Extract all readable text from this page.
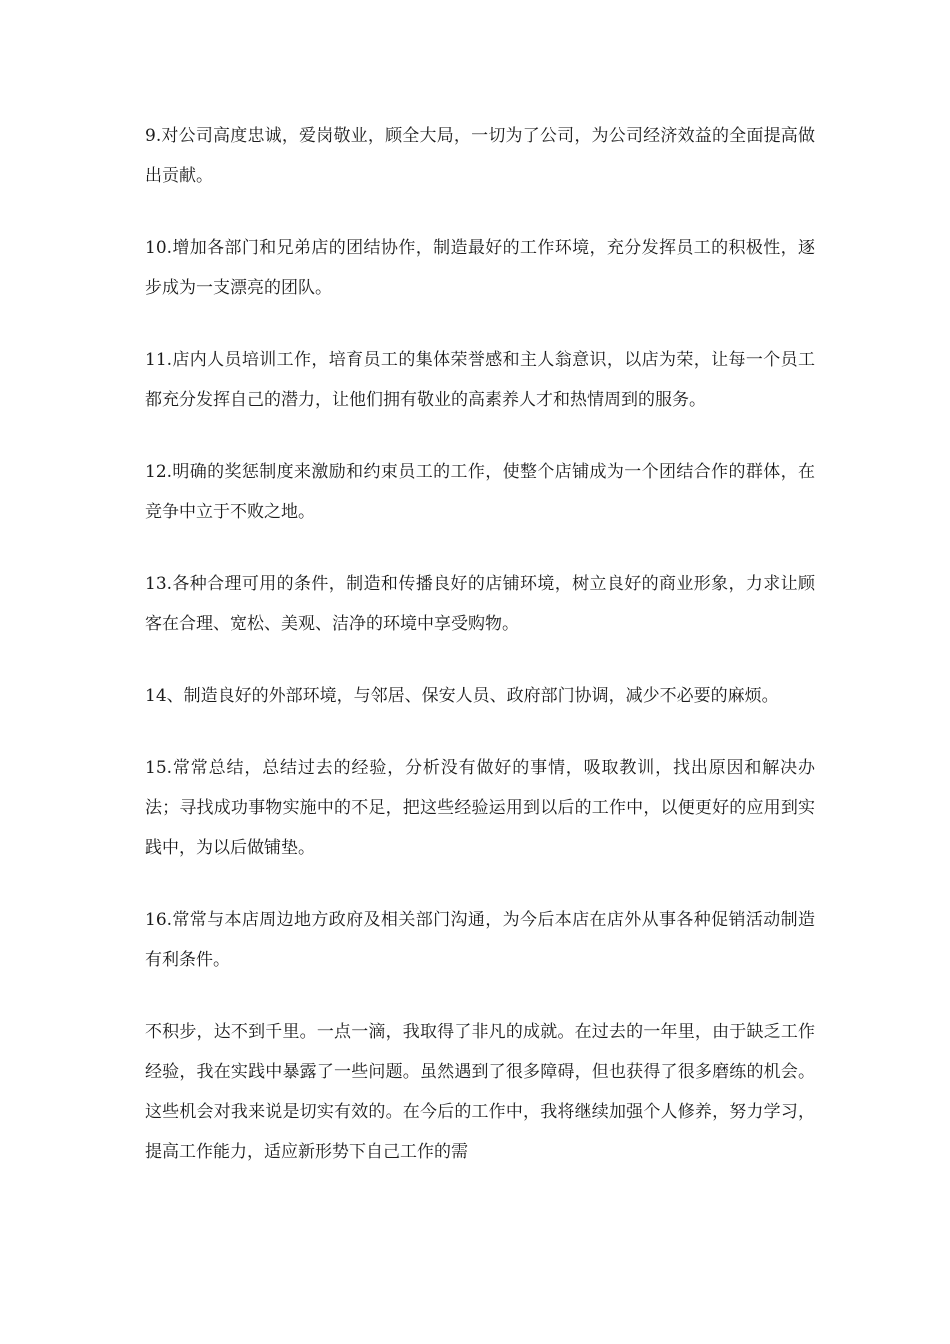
9.对公司高度忠诚，爱岗敬业，顾全大局，一切为了公司，为公司经济效益的全面提高做出贡献。

10.增加各部门和兄弟店的团结协作，制造最好的工作环境，充分发挥员工的积极性，逐步成为一支漂亮的团队。

11.店内人员培训工作，培育员工的集体荣誉感和主人翁意识，以店为荣，让每一个员工都充分发挥自己的潜力，让他们拥有敬业的高素养人才和热情周到的服务。

12.明确的奖惩制度来激励和约束员工的工作，使整个店铺成为一个团结合作的群体，在竞争中立于不败之地。

13.各种合理可用的条件，制造和传播良好的店铺环境，树立良好的商业形象，力求让顾客在合理、宽松、美观、洁净的环境中享受购物。

14、制造良好的外部环境，与邻居、保安人员、政府部门协调，减少不必要的麻烦。

15.常常总结，总结过去的经验，分析没有做好的事情，吸取教训，找出原因和解决办法；寻找成功事物实施中的不足，把这些经验运用到以后的工作中，以便更好的应用到实践中，为以后做铺垫。

16.常常与本店周边地方政府及相关部门沟通，为今后本店在店外从事各种促销活动制造有利条件。

不积步，达不到千里。一点一滴，我取得了非凡的成就。在过去的一年里，由于缺乏工作经验，我在实践中暴露了一些问题。虽然遇到了很多障碍，但也获得了很多磨练的机会。这些机会对我来说是切实有效的。在今后的工作中，我将继续加强个人修养，努力学习，提高工作能力，适应新形势下自己工作的需
